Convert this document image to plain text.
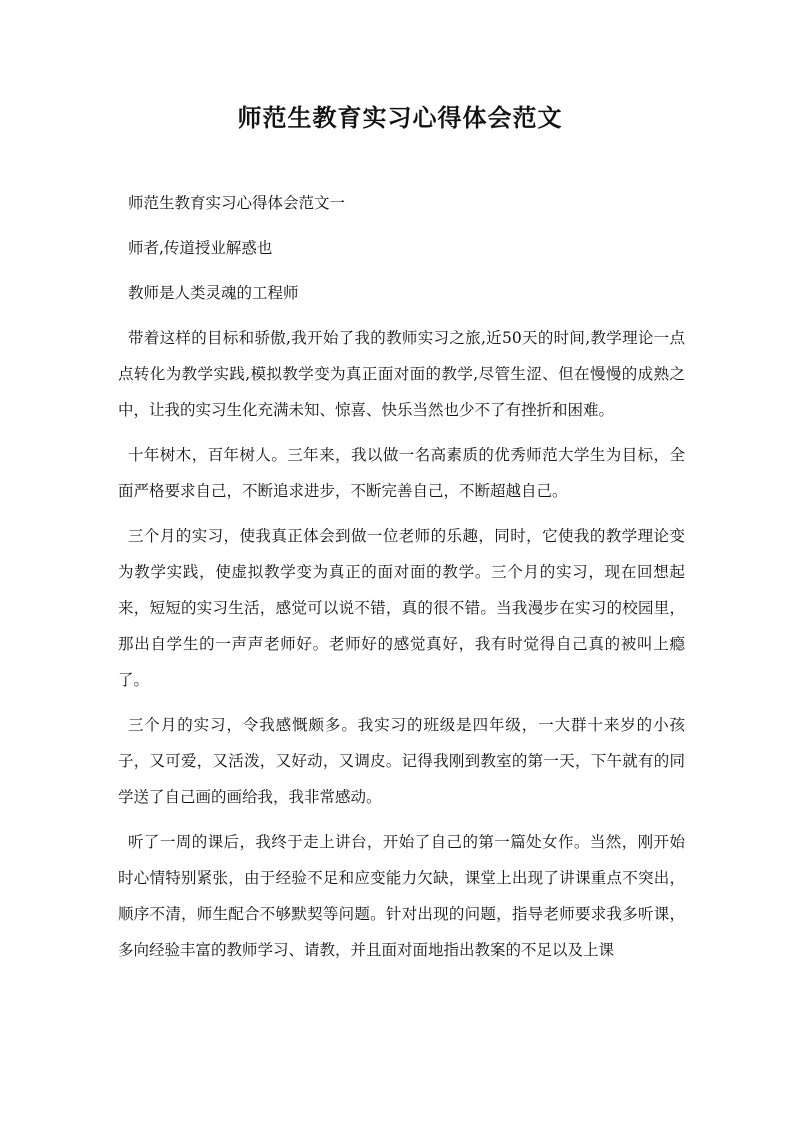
师范生教育实习心得体会范文

师范生教育实习心得体会范文一

师者,传道授业解惑也

教师是人类灵魂的工程师

带着这样的目标和骄傲,我开始了我的教师实习之旅,近50天的时间,教学理论一点点转化为教学实践,模拟教学变为真正面对面的教学,尽管生涩、但在慢慢的成熟之中，让我的实习生化充满未知、惊喜、快乐当然也少不了有挫折和困难。

十年树木，百年树人。三年来，我以做一名高素质的优秀师范大学生为目标，全面严格要求自己，不断追求进步，不断完善自己，不断超越自己。

三个月的实习，使我真正体会到做一位老师的乐趣，同时，它使我的教学理论变为教学实践，使虚拟教学变为真正的面对面的教学。三个月的实习，现在回想起来，短短的实习生活，感觉可以说不错，真的很不错。当我漫步在实习的校园里，那出自学生的一声声老师好。老师好的感觉真好，我有时觉得自己真的被叫上瘾了。

三个月的实习，令我感慨颇多。我实习的班级是四年级，一大群十来岁的小孩子，又可爱，又活泼，又好动，又调皮。记得我刚到教室的第一天，下午就有的同学送了自己画的画给我，我非常感动。

听了一周的课后，我终于走上讲台，开始了自己的第一篇处女作。当然，刚开始时心情特别紧张，由于经验不足和应变能力欠缺，课堂上出现了讲课重点不突出，顺序不清，师生配合不够默契等问题。针对出现的问题，指导老师要求我多听课，多向经验丰富的教师学习、请教，并且面对面地指出教案的不足以及上课
